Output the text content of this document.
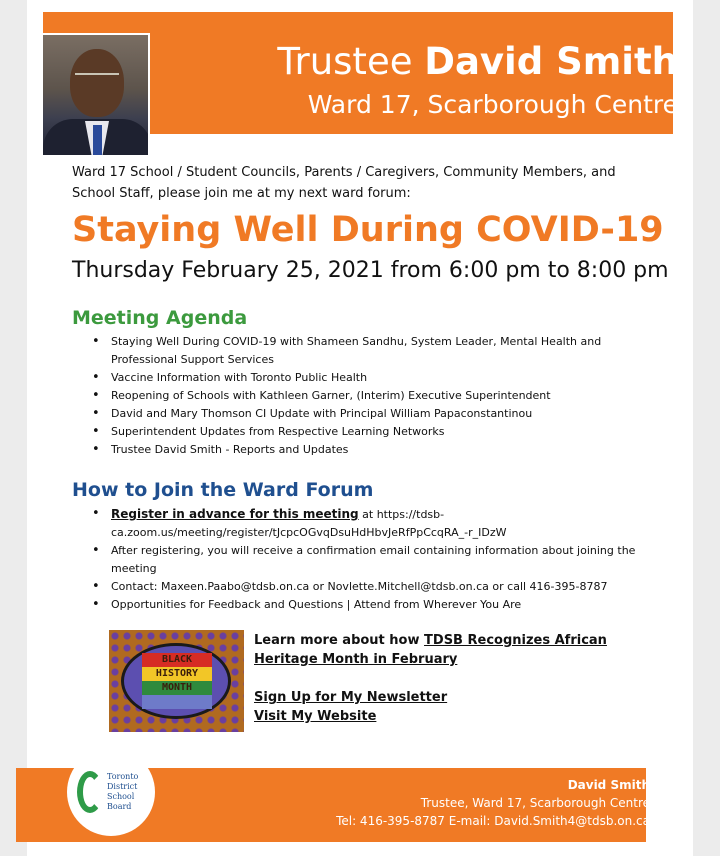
Trustee David Smith
Ward 17, Scarborough Centre
Ward 17 School / Student Councils, Parents / Caregivers, Community Members, and School Staff, please join me at my next ward forum:
Staying Well During COVID-19
Thursday February 25, 2021 from 6:00 pm to 8:00 pm
Meeting Agenda
• Staying Well During COVID-19 with Shameen Sandhu, System Leader, Mental Health and Professional Support Services
• Vaccine Information with Toronto Public Health
• Reopening of Schools with Kathleen Garner, (Interim) Executive Superintendent
• David and Mary Thomson CI Update with Principal William Papaconstantinou
• Superintendent Updates from Respective Learning Networks
• Trustee David Smith - Reports and Updates
How to Join the Ward Forum
• Register in advance for this meeting at https://tdsb-ca.zoom.us/meeting/register/tJcpcOGvqDsuHdHbvJeRfPpCcqRA_-r_IDzW
• After registering, you will receive a confirmation email containing information about joining the meeting
• Contact: Maxeen.Paabo@tdsb.on.ca or Novlette.Mitchell@tdsb.on.ca or call 416-395-8787
• Opportunities for Feedback and Questions | Attend from Wherever You Are
BLACK
HISTORY
MONTH
Learn more about how TDSB Recognizes African Heritage Month in February
Sign Up for My Newsletter
Visit My Website
Toronto
District
School
Board
David Smith
Trustee, Ward 17, Scarborough Centre
Tel: 416-395-8787 E-mail: David.Smith4@tdsb.on.ca
